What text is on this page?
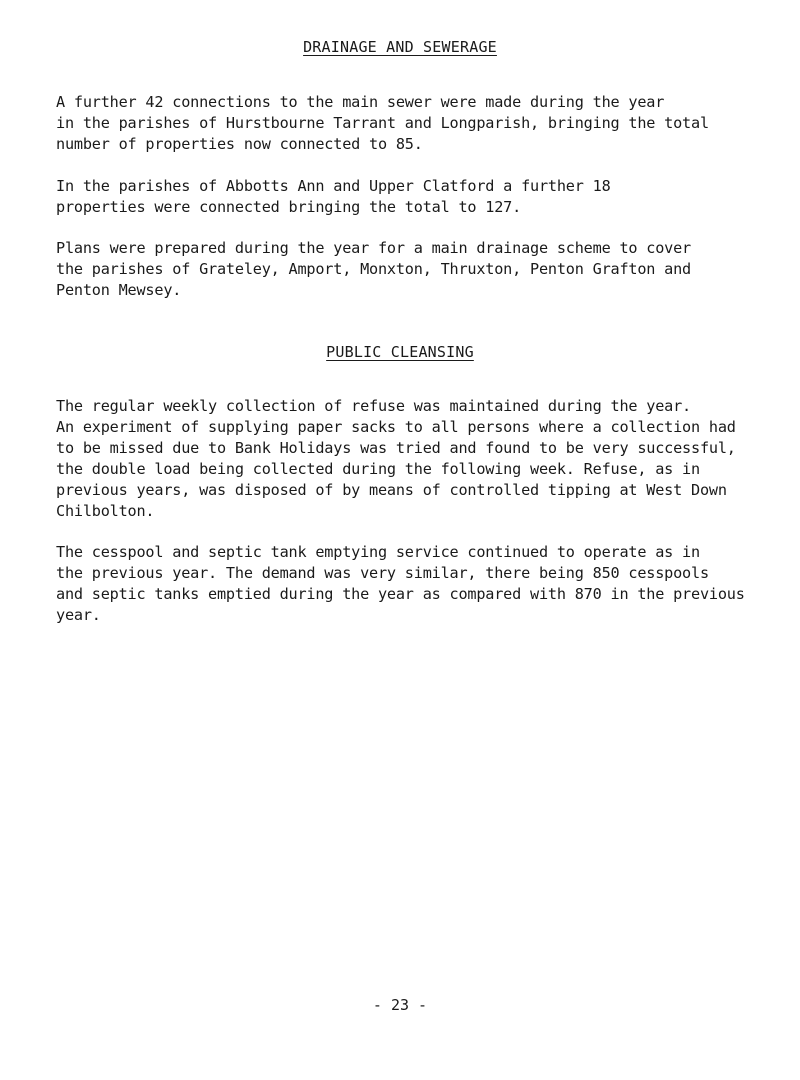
DRAINAGE AND SEWERAGE
A further 42 connections to the main sewer were made during the year
in the parishes of Hurstbourne Tarrant and Longparish, bringing the total
number of properties now connected to 85.
In the parishes of Abbotts Ann and Upper Clatford a further 18
properties were connected bringing the total to 127.
Plans were prepared during the year for a main drainage scheme to cover
the parishes of Grateley, Amport, Monxton, Thruxton, Penton Grafton and
Penton Mewsey.
PUBLIC CLEANSING
The regular weekly collection of refuse was maintained during the year.
An experiment of supplying paper sacks to all persons where a collection had
to be missed due to Bank Holidays was tried and found to be very successful,
the double load being collected during the following week. Refuse, as in
previous years, was disposed of by means of controlled tipping at West Down
Chilbolton.
The cesspool and septic tank emptying service continued to operate as in
the previous year. The demand was very similar, there being 850 cesspools
and septic tanks emptied during the year as compared with 870 in the previous
year.
- 23 -
